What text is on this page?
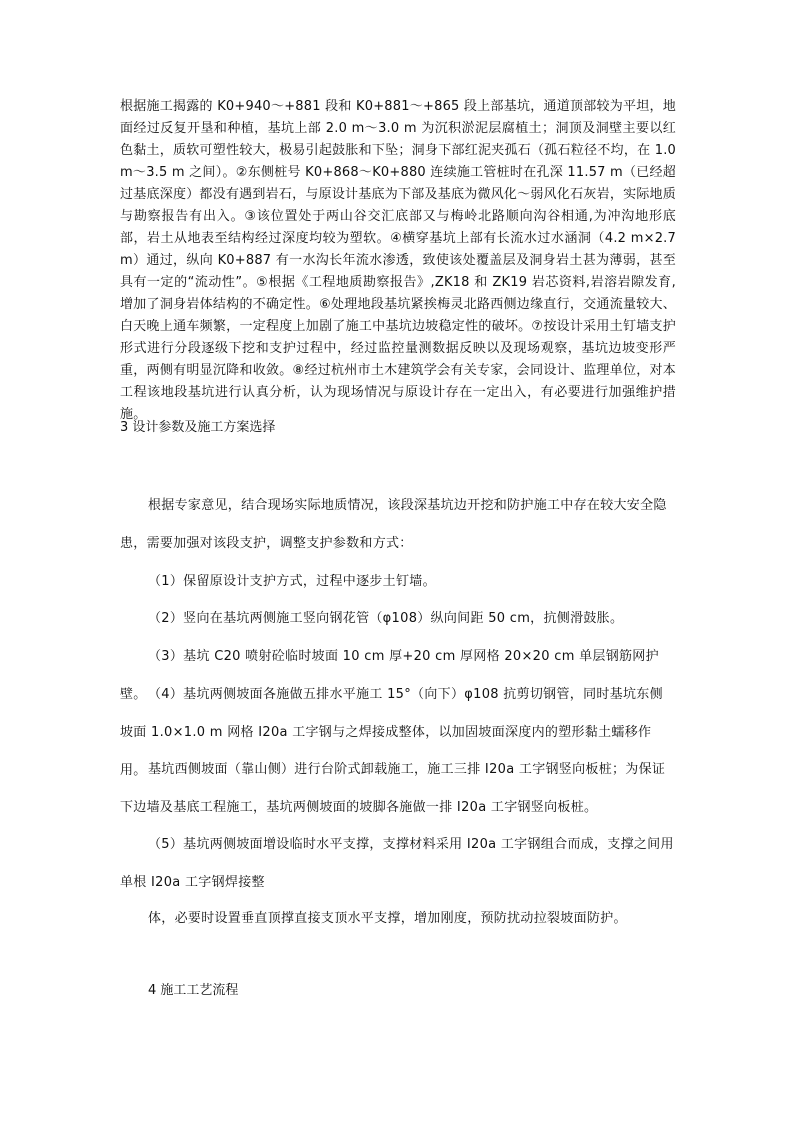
根据施工揭露的 K0+940～+881 段和 K0+881～+865 段上部基坑，通道顶部较为平坦，地面经过反复开垦和种植，基坑上部 2.0 m～3.0 m 为沉积淤泥层腐植土；洞顶及洞壁主要以红色黏土，质软可塑性较大，极易引起鼓胀和下坠；洞身下部红泥夹孤石（孤石粒径不均，在 1.0 m～3.5 m 之间）。②东侧桩号 K0+868～K0+880 连续施工管桩时在孔深 11.57 m（已经超过基底深度）都没有遇到岩石，与原设计基底为下部及基底为微风化～弱风化石灰岩，实际地质与勘察报告有出入。③该位置处于两山谷交汇底部又与梅岭北路顺向沟谷相通,为冲沟地形底部，岩土从地表至结构经过深度均较为塑软。④横穿基坑上部有长流水过水涵洞（4.2 m×2.7 m）通过，纵向 K0+887 有一水沟长年流水渗透，致使该处覆盖层及洞身岩土甚为薄弱，甚至具有一定的“流动性”。⑤根据《工程地质勘察报告》,ZK18 和 ZK19 岩芯资料,岩溶岩隙发育,增加了洞身岩体结构的不确定性。⑥处理地段基坑紧挨梅灵北路西侧边缘直行，交通流量较大、白天晚上通车频繁，一定程度上加剧了施工中基坑边坡稳定性的破坏。⑦按设计采用土钉墙支护形式进行分段逐级下挖和支护过程中，经过监控量测数据反映以及现场观察，基坑边坡变形严重，两侧有明显沉降和收敛。⑧经过杭州市土木建筑学会有关专家，会同设计、监理单位，对本工程该地段基坑进行认真分析，认为现场情况与原设计存在一定出入，有必要进行加强维护措施。

3 设计参数及施工方案选择

根据专家意见，结合现场实际地质情况，该段深基坑边开挖和防护施工中存在较大安全隐患，需要加强对该段支护，调整支护参数和方式：

（1）保留原设计支护方式，过程中逐步土钉墙。

（2）竖向在基坑两侧施工竖向钢花管（φ108）纵向间距 50 cm，抗侧滑鼓胀。

（3）基坑 C20 喷射砼临时坡面 10 cm 厚+20 cm 厚网格 20×20 cm 单层钢筋网护壁。 （4）基坑两侧坡面各施做五排水平施工 15°（向下）φ108 抗剪切钢管，同时基坑东侧坡面 1.0×1.0 m 网格 I20a 工字钢与之焊接成整体，以加固坡面深度内的塑形黏土蠕移作用。 基坑西侧坡面（靠山侧）进行台阶式卸载施工，施工三排 I20a 工字钢竖向板桩；为保证下边墙及基底工程施工，基坑两侧坡面的坡脚各施做一排 I20a 工字钢竖向板桩。

（5）基坑两侧坡面增设临时水平支撑，支撑材料采用 I20a 工字钢组合而成，支撑之间用单根 I20a 工字钢焊接整

体，必要时设置垂直顶撑直接支顶水平支撑，增加刚度，预防扰动拉裂坡面防护。

4 施工工艺流程
